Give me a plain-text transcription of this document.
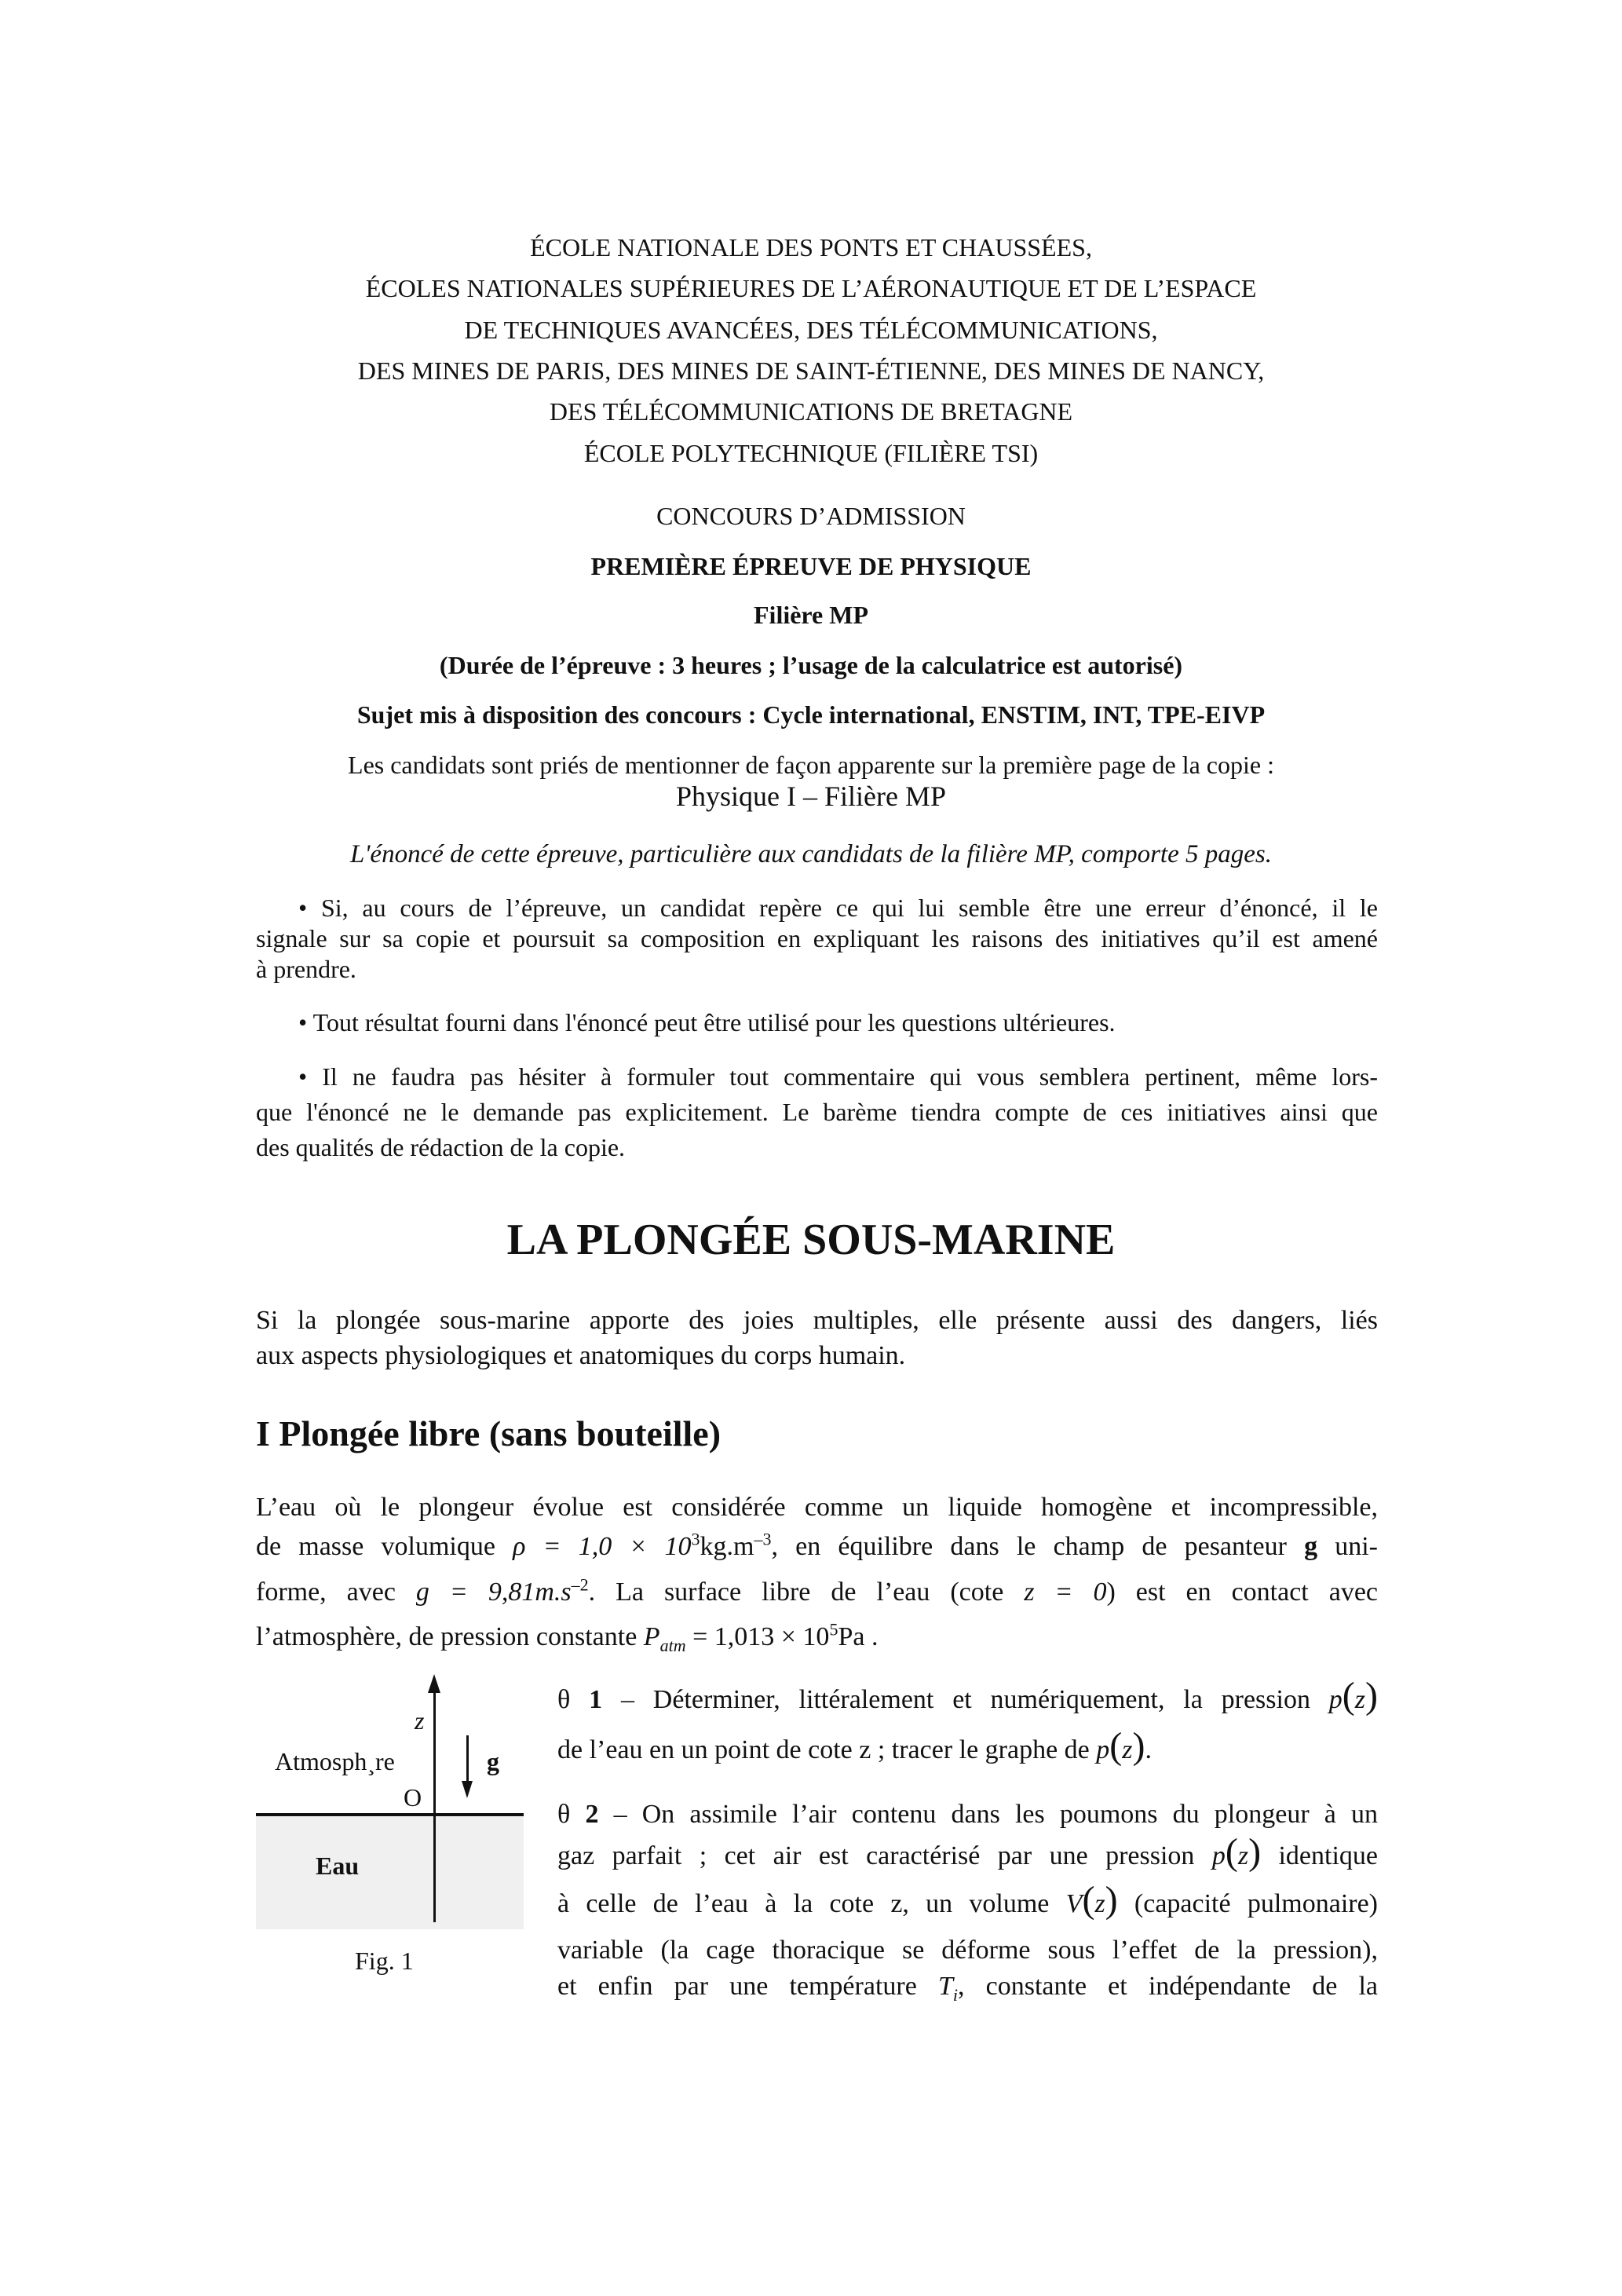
ÉCOLE NATIONALE DES PONTS ET CHAUSSÉES,
ÉCOLES NATIONALES SUPÉRIEURES DE L’AÉRONAUTIQUE ET DE L’ESPACE
DE TECHNIQUES AVANCÉES, DES TÉLÉCOMMUNICATIONS,
DES MINES DE PARIS, DES MINES DE SAINT-ÉTIENNE, DES MINES DE NANCY,
DES TÉLÉCOMMUNICATIONS DE BRETAGNE
ÉCOLE POLYTECHNIQUE (FILIÈRE TSI)
CONCOURS D’ADMISSION
PREMIÈRE ÉPREUVE DE PHYSIQUE
Filière MP
(Durée de l’épreuve : 3 heures ; l’usage de la calculatrice est autorisé)
Sujet mis à disposition des concours : Cycle international, ENSTIM, INT, TPE-EIVP
Les candidats sont priés de mentionner de façon apparente sur la première page de la copie :
Physique I – Filière MP
L'énoncé de cette épreuve, particulière aux candidats de la filière MP, comporte 5 pages.
• Si, au cours de l’épreuve, un candidat repère ce qui lui semble être une erreur d’énoncé, il le
signale sur sa copie et poursuit sa composition en expliquant les raisons des initiatives qu’il est amené
à prendre.
• Tout résultat fourni dans l'énoncé peut être utilisé pour les questions ultérieures.
• Il ne faudra pas hésiter à formuler tout commentaire qui vous semblera pertinent, même lors-
que l'énoncé ne le demande pas explicitement. Le barème tiendra compte de ces initiatives ainsi que
des qualités de rédaction de la copie.
LA PLONGÉE SOUS-MARINE
Si la plongée sous-marine apporte des joies multiples, elle présente aussi des dangers, liés
aux aspects physiologiques et anatomiques du corps humain.
I Plongée libre (sans bouteille)
L’eau où le plongeur évolue est considérée comme un liquide homogène et incompressible,
de masse volumique $\rho = 1,0 \times 10^3kg.m^{-3}$, en équilibre dans le champ de pesanteur g uni-
forme, avec $g = 9,81m.s^{-2}$. La surface libre de l’eau (cote z = 0) est en contact avec
l’atmosphère, de pression constante $P_{atm} = 1,013 \times 10^5Pa$ .
z
Atmosph¸re	g
O
Eau
Fig. 1
θ 1 – Déterminer, littéralement et numériquement, la pression p(z)
de l’eau en un point de cote z ; tracer le graphe de p(z).
θ 2 – On assimile l’air contenu dans les poumons du plongeur à un
gaz parfait ; cet air est caractérisé par une pression p(z) identique
à celle de l’eau à la cote z, un volume V(z) (capacité pulmonaire)
variable (la cage thoracique se déforme sous l’effet de la pression),
et enfin par une température $T_i$, constante et indépendante de la
